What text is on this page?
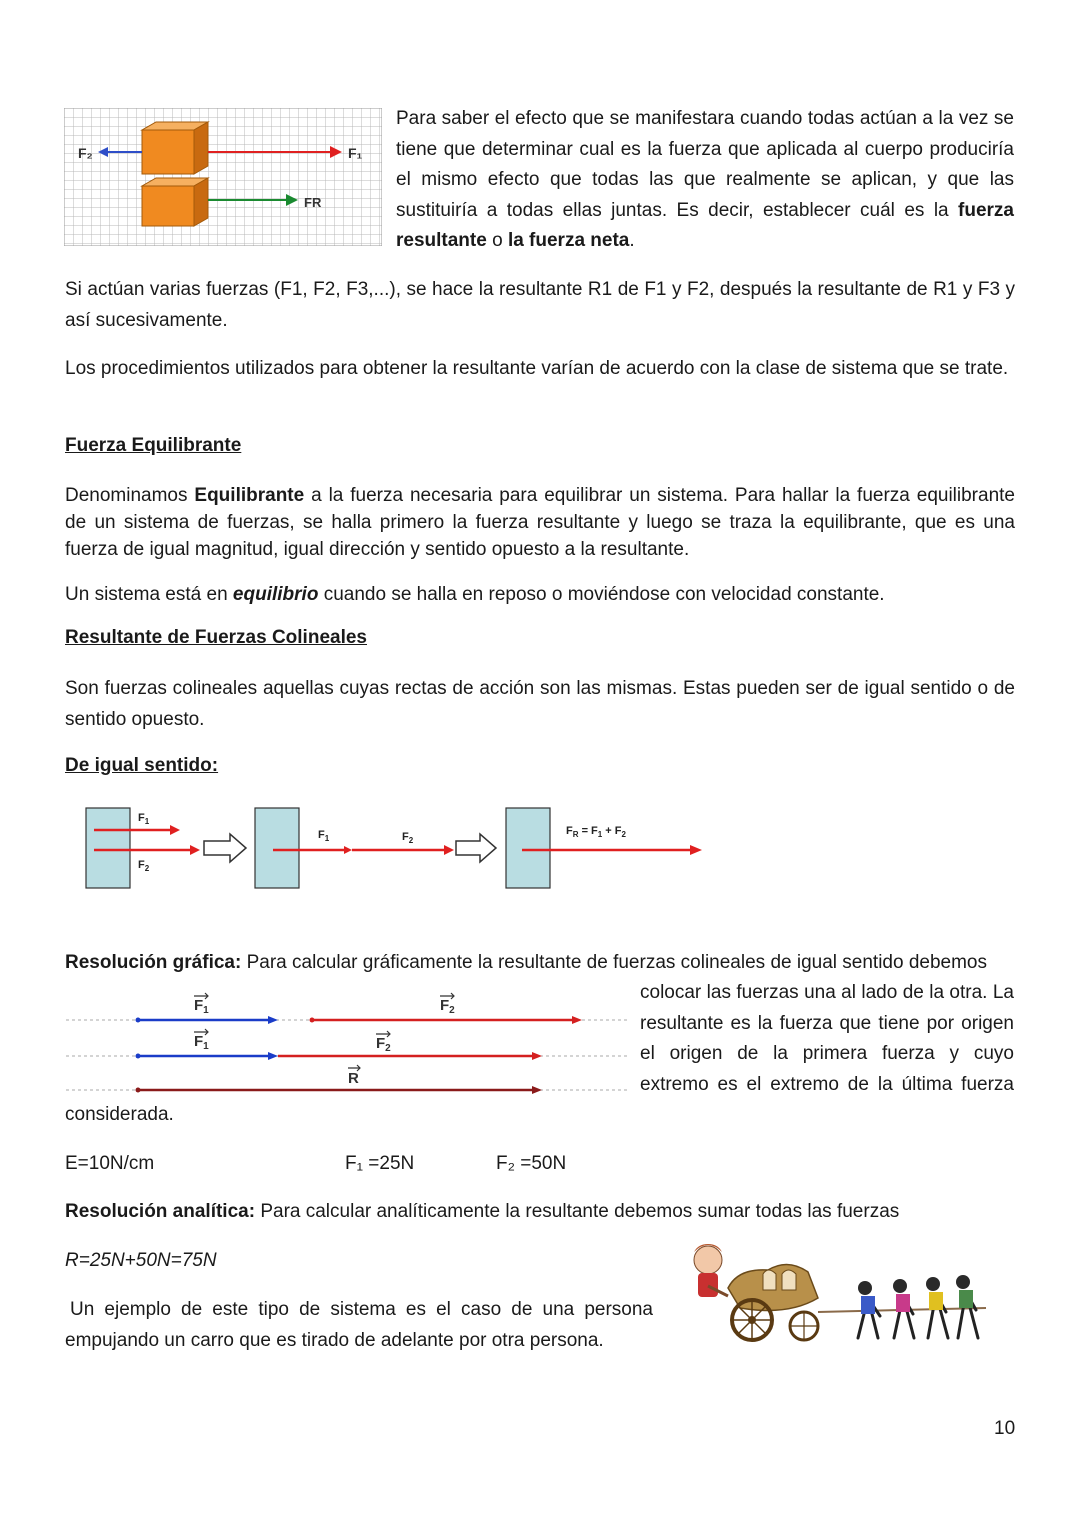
F₂	F₁
FR

Para saber el efecto que se manifestara cuando todas actúan a la vez se tiene que determinar cual es la fuerza que aplicada al cuerpo produciría el mismo efecto que todas las que realmente se aplican, y que las sustituiría a todas ellas juntas. Es decir, establecer cuál es la fuerza resultante o la fuerza neta.

Si actúan varias fuerzas (F1, F2, F3,...), se hace la resultante R1 de F1 y F2, después la resultante de R1 y F3 y así sucesivamente.

Los procedimientos utilizados para obtener la resultante varían de acuerdo con la clase de sistema que se trate.

Fuerza Equilibrante

Denominamos Equilibrante a la fuerza necesaria para equilibrar un sistema. Para hallar la fuerza equilibrante de un sistema de fuerzas, se halla primero la fuerza resultante y luego se traza la equilibrante, que es una fuerza de igual magnitud, igual dirección y sentido opuesto a la resultante.

Un sistema está en equilibrio cuando se halla en reposo o moviéndose con velocidad constante.

Resultante de Fuerzas Colineales

Son fuerzas colineales aquellas cuyas rectas de acción son las mismas. Estas pueden ser de igual sentido o de sentido opuesto.

De igual sentido:

$F_1$
$F_2$
$F_1$	$F_2$
$F_R = F_1 + F_2$

Resolución gráfica: Para calcular gráficamente la resultante de fuerzas colineales de igual sentido debemos

$F_1$	$F_2$
$F_1$	$F_2$
R
colocar las fuerzas una al lado de la otra. La
resultante es la fuerza que tiene por origen
el origen de la primera fuerza y cuyo
extremo es el extremo de la última fuerza

considerada.

E=10N/cm	F₁ =25N	F₂ =50N

Resolución analítica: Para calcular analíticamente la resultante debemos sumar todas las fuerzas

R=25N+50N=75N

Un ejemplo de este tipo de sistema es el caso de una persona
empujando un carro que es tirado de adelante por otra persona.

10
